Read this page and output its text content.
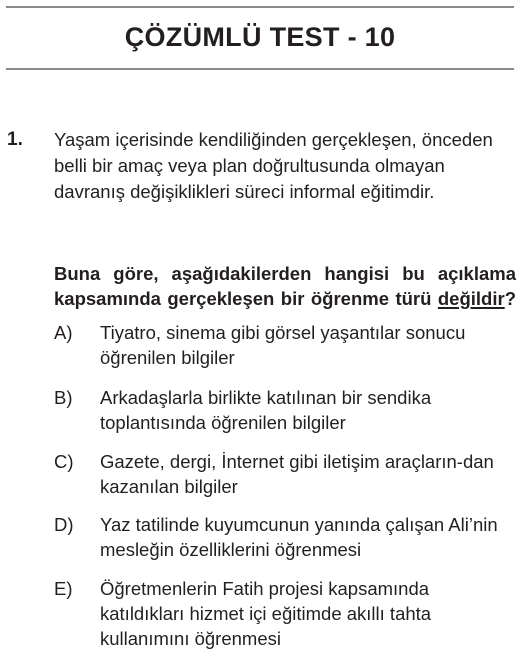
ÇÖZÜMLÜ TEST - 10
1. Yaşam içerisinde kendiliğinden gerçekleşen, önceden belli bir amaç veya plan doğrultusunda olmayan davranış değişiklikleri süreci informal eğitimdir.
Buna göre, aşağıdakilerden hangisi bu açıklama
kapsamında gerçekleşen bir öğrenme türü değildir?
A) Tiyatro, sinema gibi görsel yaşantılar sonucu öğrenilen bilgiler
B) Arkadaşlarla birlikte katılınan bir sendika toplantısında öğrenilen bilgiler
C) Gazete, dergi, İnternet gibi iletişim araçların-dan kazanılan bilgiler
D) Yaz tatilinde kuyumcunun yanında çalışan Ali’nin mesleğin özelliklerini öğrenmesi
E) Öğretmenlerin Fatih projesi kapsamında katıldıkları hizmet içi eğitimde akıllı tahta kullanımını öğrenmesi
